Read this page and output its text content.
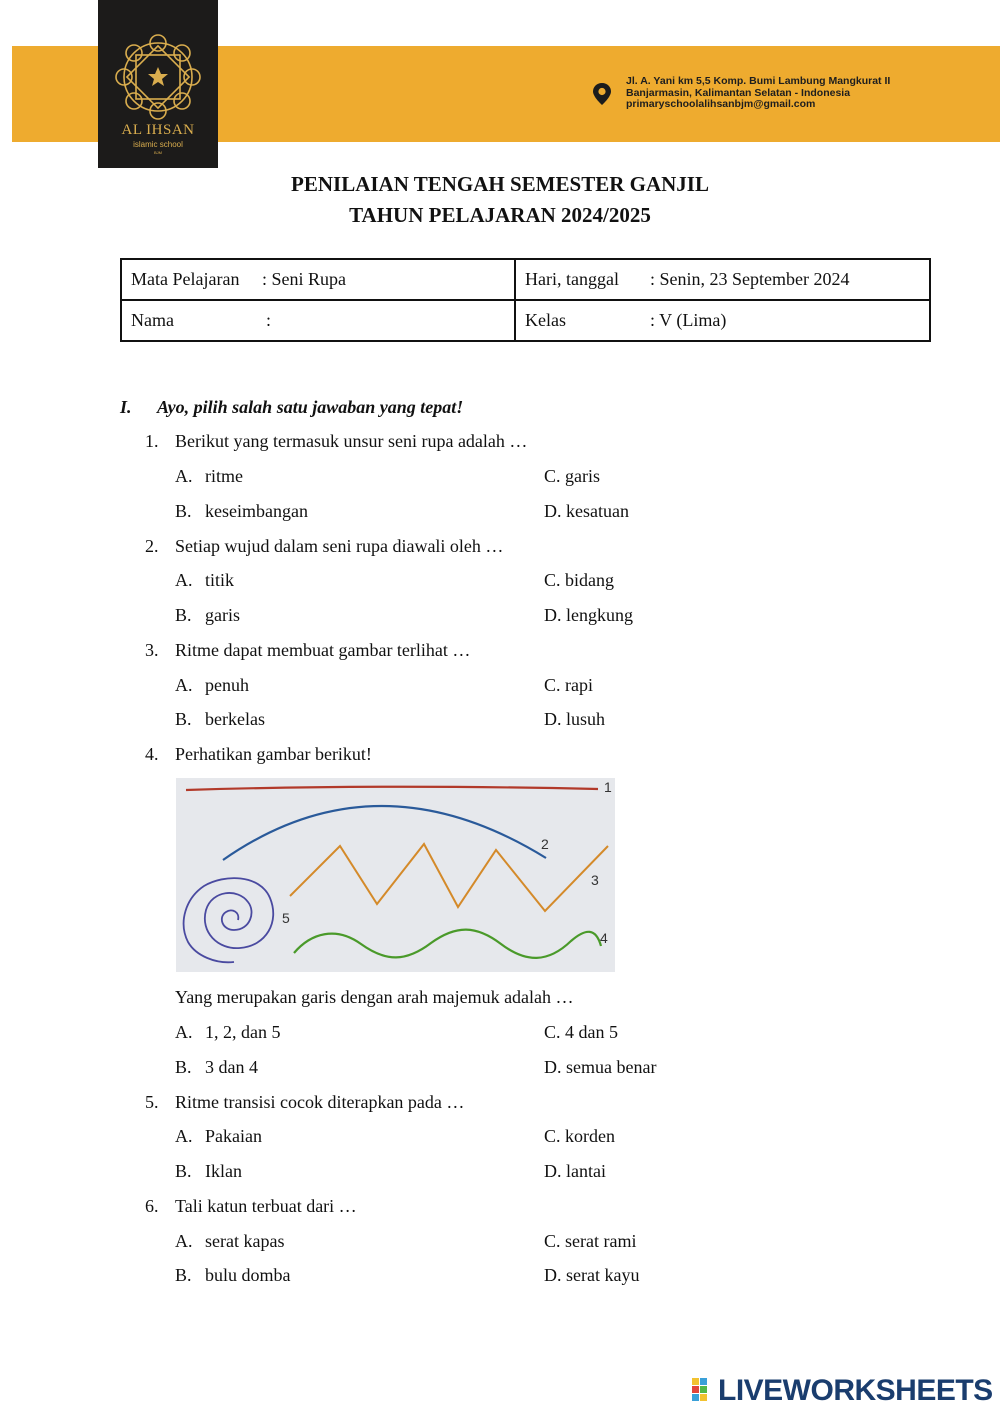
AL IHSAN
islamic school
BJM
Jl. A. Yani km 5,5 Komp. Bumi Lambung Mangkurat II
Banjarmasin, Kalimantan Selatan - Indonesia
primaryschoolalihsanbjm@gmail.com
PENILAIAN TENGAH SEMESTER GANJIL
TAHUN PELAJARAN 2024/2025
Mata Pelajaran : Seni Rupa	Hari, tanggal : Senin, 23 September 2024
Nama :	Kelas : V (Lima)
I. Ayo, pilih salah satu jawaban yang tepat!
1. Berikut yang termasuk unsur seni rupa adalah …
A. ritme
B. keseimbangan
C. garis
D. kesatuan
2. Setiap wujud dalam seni rupa diawali oleh …
A. titik
B. garis
C. bidang
D. lengkung
3. Ritme dapat membuat gambar terlihat …
A. penuh
B. berkelas
C. rapi
D. lusuh
4. Perhatikan gambar berikut!
1
2
3
4
5
Yang merupakan garis dengan arah majemuk adalah …
A. 1, 2, dan 5
B. 3 dan 4
C. 4 dan 5
D. semua benar
5. Ritme transisi cocok diterapkan pada …
A. Pakaian
B. Iklan
C. korden
D. lantai
6. Tali katun terbuat dari …
A. serat kapas
B. bulu domba
C. serat rami
D. serat kayu
LIVEWORKSHEETS
